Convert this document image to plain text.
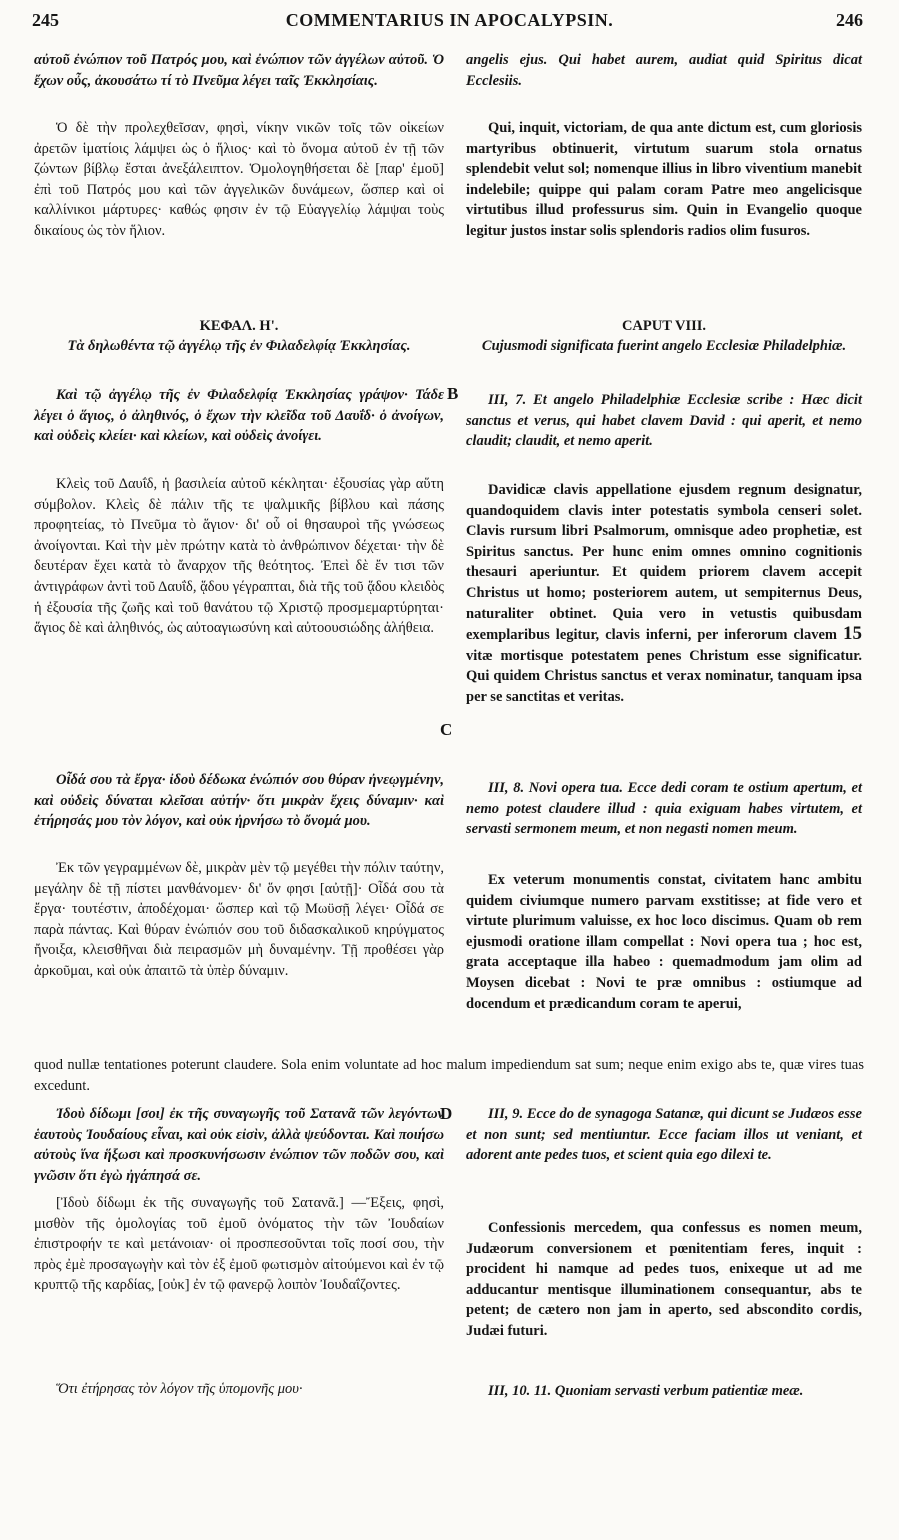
245	COMMENTARIUS IN APOCALYPSIN.	246
αὐτοῦ ἐνώπιον τοῦ Πατρός μου, καὶ ἐνώπιον τῶν ἀγγέλων αὐτοῦ. Ὁ ἔχων οὖς, ἀκουσάτω τί τὸ Πνεῦμα λέγει ταῖς Ἐκκλησίαις.
Ὁ δὲ τὴν προλεχθεῖσαν, φησὶ, νίκην νικῶν τοῖς τῶν οἰκείων ἀρετῶν ἱματίοις λάμψει ὡς ὁ ἥλιος· καὶ τὸ ὄνομα αὐτοῦ ἐν τῇ τῶν ζώντων βίβλῳ ἔσται ἀνεξάλειπτον. Ὁμολογηθήσεται δὲ [παρ' ἐμοῦ] ἐπὶ τοῦ Πατρός μου καὶ τῶν ἀγγελικῶν δυνάμεων, ὥσπερ καὶ οἱ καλλίνικοι μάρτυρες· καθώς φησιν ἐν τῷ Εὐαγγελίῳ λάμψαι τοὺς δικαίους ὡς τὸν ἥλιον.
ΚΕΦΑΛ. Η'.
Τὰ δηλωθέντα τῷ ἀγγέλῳ τῆς ἐν Φιλαδελφίᾳ Ἐκκλησίας.
Καὶ τῷ ἀγγέλῳ τῆς ἐν Φιλαδελφίᾳ Ἐκκλησίας γράψον· Τάδε λέγει ὁ ἅγιος, ὁ ἀληθινός, ὁ ἔχων τὴν κλεῖδα τοῦ Δαυΐδ· ὁ ἀνοίγων, καὶ οὐδεὶς κλείει· καὶ κλείων, καὶ οὐδεὶς ἀνοίγει.
Κλεὶς τοῦ Δαυΐδ, ἡ βασιλεία αὐτοῦ κέκληται· ἐξουσίας γὰρ αὕτη σύμβολον. Κλεὶς δὲ πάλιν τῆς τε ψαλμικῆς βίβλου καὶ πάσης προφητείας, τὸ Πνεῦμα τὸ ἅγιον· δι' οὗ οἱ θησαυροὶ τῆς γνώσεως ἀνοίγονται. Καὶ τὴν μὲν πρώτην κατὰ τὸ ἀνθρώπινον δέχεται· τὴν δὲ δευτέραν ἔχει κατὰ τὸ ἄναρχον τῆς θεότητος. Ἐπεὶ δὲ ἔν τισι τῶν ἀντιγράφων ἀντὶ τοῦ Δαυΐδ, ᾅδου γέγραπται, διὰ τῆς τοῦ ᾅδου κλειδὸς ἡ ἐξουσία τῆς ζωῆς καὶ τοῦ θανάτου τῷ Χριστῷ προσμεμαρτύρηται· ἅγιος δὲ καὶ ἀληθινός, ὡς αὐτοαγιωσύνη καὶ αὐτοουσιώδης ἀλήθεια.
Οἶδά σου τὰ ἔργα· ἰδοὺ δέδωκα ἐνώπιόν σου θύραν ἠνεῳγμένην, καὶ οὐδεὶς δύναται κλεῖσαι αὐτήν· ὅτι μικρὰν ἔχεις δύναμιν· καὶ ἐτήρησάς μου τὸν λόγον, καὶ οὐκ ἠρνήσω τὸ ὄνομά μου.
Ἐκ τῶν γεγραμμένων δὲ, μικρὰν μὲν τῷ μεγέθει τὴν πόλιν ταύτην, μεγάλην δὲ τῇ πίστει μανθάνομεν· δι' ὅν φησι [αὐτῇ]· Οἶδά σου τὰ ἔργα· τουτέστιν, ἀποδέχομαι· ὥσπερ καὶ τῷ Μωϋσῇ λέγει· Οἶδά σε παρὰ πάντας. Καὶ θύραν ἐνώπιόν σου τοῦ διδασκαλικοῦ κηρύγματος ἤνοιξα, κλεισθῆναι διὰ πειρασμῶν μὴ δυναμένην. Τῇ προθέσει γὰρ ἀρκοῦμαι, καὶ οὐκ ἀπαιτῶ τὰ ὑπὲρ δύναμιν.
quod nullæ tentationes poterunt claudere. Sola enim voluntate ad hoc malum impediendum sat sum; neque enim exigo abs te, quæ vires tuas excedunt.
Ἰδοὺ δίδωμι [σοι] ἐκ τῆς συναγωγῆς τοῦ Σατανᾶ τῶν λεγόντων ἑαυτοὺς Ἰουδαίους εἶναι, καὶ οὐκ εἰσὶν, ἀλλὰ ψεύδονται. Καὶ ποιήσω αὐτοὺς ἵνα ἥξωσι καὶ προσκυνήσωσιν ἐνώπιον τῶν ποδῶν σου, καὶ γνῶσιν ὅτι ἐγὼ ἠγάπησά σε.
[Ἰδοὺ δίδωμι ἐκ τῆς συναγωγῆς τοῦ Σατανᾶ.] —Ἔξεις, φησὶ, μισθὸν τῆς ὁμολογίας τοῦ ἐμοῦ ὀνόματος τὴν τῶν Ἰουδαίων ἐπιστροφήν τε καὶ μετάνοιαν· οἱ προσπεσοῦνται τοῖς ποσί σου, τὴν πρὸς ἐμὲ προσαγωγὴν καὶ τὸν ἐξ ἐμοῦ φωτισμὸν αἰτούμενοι καὶ ἐν τῷ κρυπτῷ τῆς καρδίας, [οὐκ] ἐν τῷ φανερῷ λοιπὸν Ἰουδαΐζοντες.
Ὅτι ἐτήρησας τὸν λόγον τῆς ὑπομονῆς μου·
angelis ejus. Qui habet aurem, audiat quid Spiritus dicat Ecclesiis.
Qui, inquit, victoriam, de qua ante dictum est, cum gloriosis martyribus obtinuerit, virtutum suarum stola ornatus splendebit velut sol; nomenque illius in libro viventium manebit indelebile; quippe qui palam coram Patre meo angelicisque virtutibus illud professurus sim. Quin in Evangelio quoque legitur justos instar solis splendoris radios olim fusuros.
CAPUT VIII.
Cujusmodi significata fuerint angelo Ecclesiæ Philadelphiæ.
III, 7. Et angelo Philadelphiæ Ecclesiæ scribe : Hæc dicit sanctus et verus, qui habet clavem David : qui aperit, et nemo claudit; claudit, et nemo aperit.
Davidicæ clavis appellatione ejusdem regnum designatur, quandoquidem clavis inter potestatis symbola censeri solet. Clavis rursum libri Psalmorum, omnisque adeo prophetiæ, est Spiritus sanctus. Per hunc enim omnes omnino cognitionis thesauri aperiuntur. Et quidem priorem clavem accepit Christus ut homo; posteriorem autem, ut sempiternus Deus, naturaliter obtinet. Quia vero in vetustis quibusdam exemplaribus legitur, clavis inferni, per inferorum clavem 15 vitæ mortisque potestatem penes Christum esse significatur. Qui quidem Christus sanctus et verax nominatur, tanquam ipsa per se sanctitas et veritas.
III, 8. Novi opera tua. Ecce dedi coram te ostium apertum, et nemo potest claudere illud : quia exiguam habes virtutem, et servasti sermonem meum, et non negasti nomen meum.
Ex veterum monumentis constat, civitatem hanc ambitu quidem civiumque numero parvam exstitisse; at fide vero et virtute plurimum valuisse, ex hoc loco discimus. Quam ob rem ejusmodi oratione illam compellat : Novi opera tua ; hoc est, grata acceptaque illa habeo : quemadmodum jam olim ad Moysen dicebat : Novi te præ omnibus : ostiumque ad docendum et prædicandum coram te aperui,
III, 9. Ecce do de synagoga Satanæ, qui dicunt se Judæos esse et non sunt; sed mentiuntur. Ecce faciam illos ut veniant, et adorent ante pedes tuos, et scient quia ego dilexi te.
Confessionis mercedem, qua confessus es nomen meum, Judæorum conversionem et pœnitentiam feres, inquit : procident hi namque ad pedes tuos, enixeque ut ad me adducantur mentisque illuminationem consequantur, abs te petent; de cætero non jam in aperto, sed abscondito cordis, Judæi futuri.
III, 10. 11. Quoniam servasti verbum patientiæ meæ.
B
C
D
